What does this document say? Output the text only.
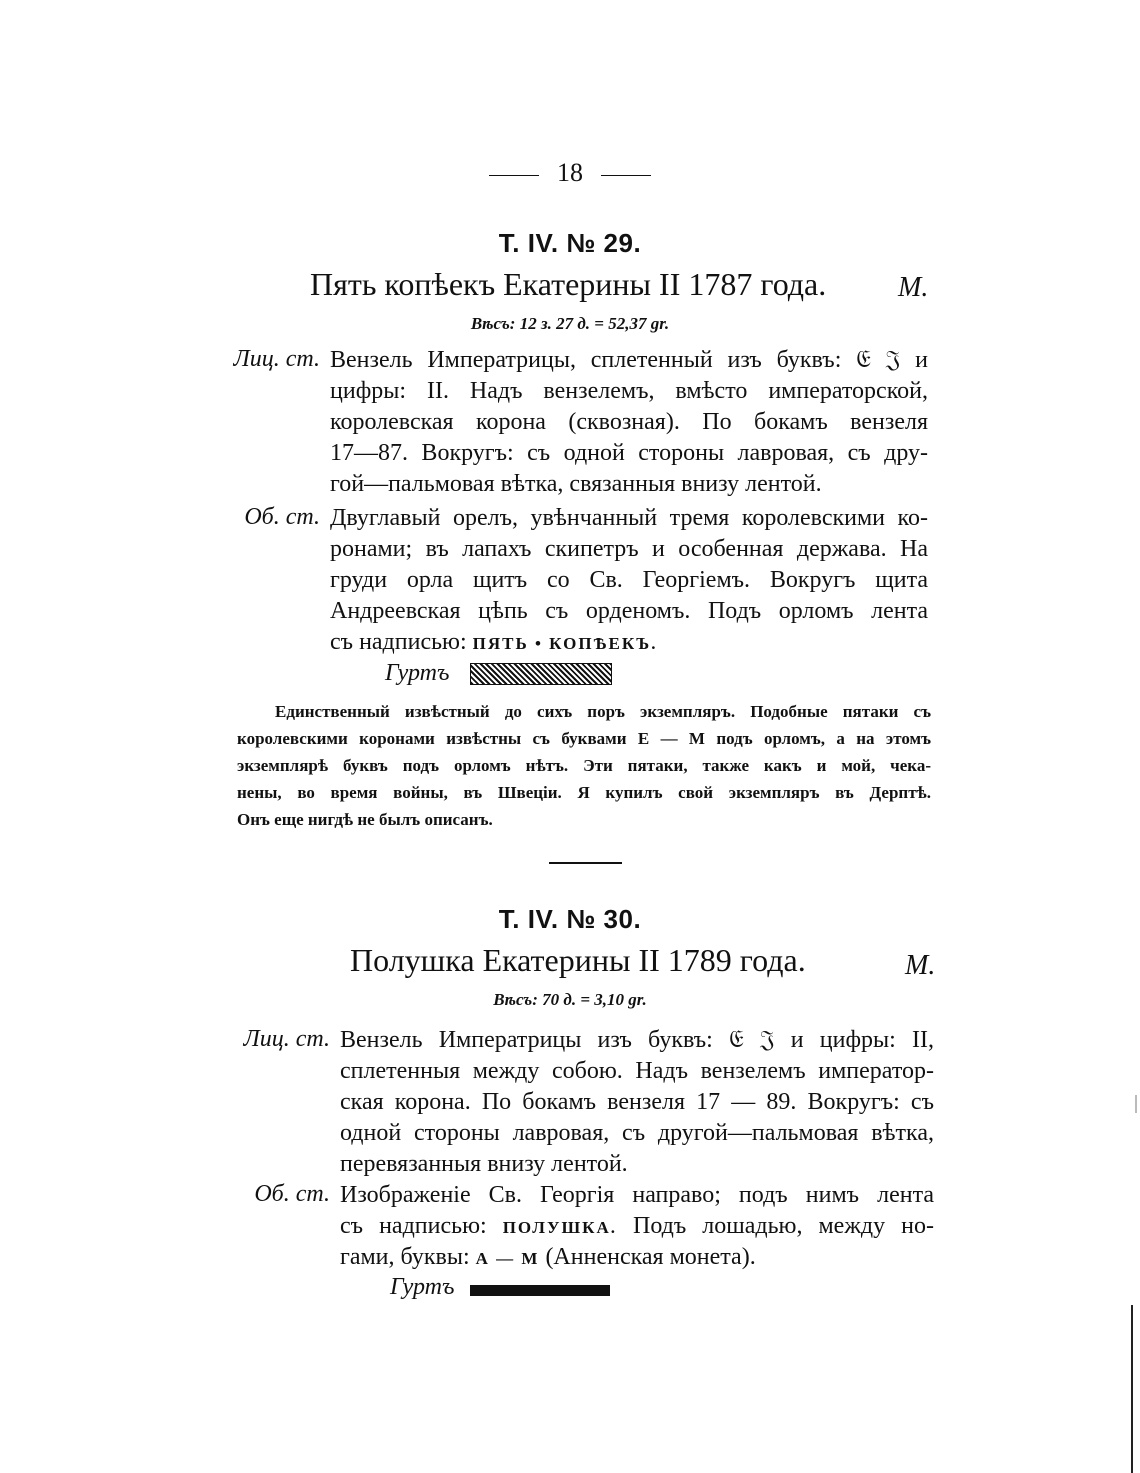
18
T. IV. № 29.
Пять копѣекъ Екатерины II 1787 года.	M.
Вѣсъ: 12 з. 27 д. = 52,37 gr.
Лиц. ст. Вензель Императрицы, сплетенный изъ буквъ: 𝔈 𝔍 и
цифры: II. Надъ вензелемъ, вмѣсто императорской,
королевская корона (сквозная). По бокамъ вензеля
17—87. Вокругъ: съ одной стороны лавровая, съ дру-
гой—пальмовая вѣтка, связанныя внизу лентой.
Об. ст. Двуглавый орелъ, увѣнчанный тремя королевскими ко-
ронами; въ лапахъ скипетръ и особенная держава. На
груди орла щитъ со Св. Георгіемъ. Вокругъ щита
Андреевская цѣпь съ орденомъ. Подъ орломъ лента
съ надписью: ПЯТЬ • КОПѢЕКЪ.
Гуртъ
Единственный извѣстный до сихъ поръ экземпляръ. Подобные пятаки съ
королевскими коронами извѣстны съ буквами Е — М подъ орломъ, а на этомъ
экземплярѣ буквъ подъ орломъ нѣтъ. Эти пятаки, также какъ и мой, чека-
нены, во время войны, въ Швеціи. Я купилъ свой экземпляръ въ Дерптѣ.
Онъ еще нигдѣ не былъ описанъ.
T. IV. № 30.
Полушка Екатерины II 1789 года.	M.
Вѣсъ: 70 д. = 3,10 gr.
Лиц. ст. Вензель Императрицы изъ буквъ: 𝔈 𝔍 и цифры: II,
сплетенныя между собою. Надъ вензелемъ император-
ская корона. По бокамъ вензеля 17 — 89. Вокругъ: съ
одной стороны лавровая, съ другой—пальмовая вѣтка,
перевязанныя внизу лентой.
Об. ст. Изображеніе Св. Георгія направо; подъ нимъ лента
съ надписью: ПОЛУШКА. Подъ лошадью, между но-
гами, буквы: А — М (Анненская монета).
Гуртъ
